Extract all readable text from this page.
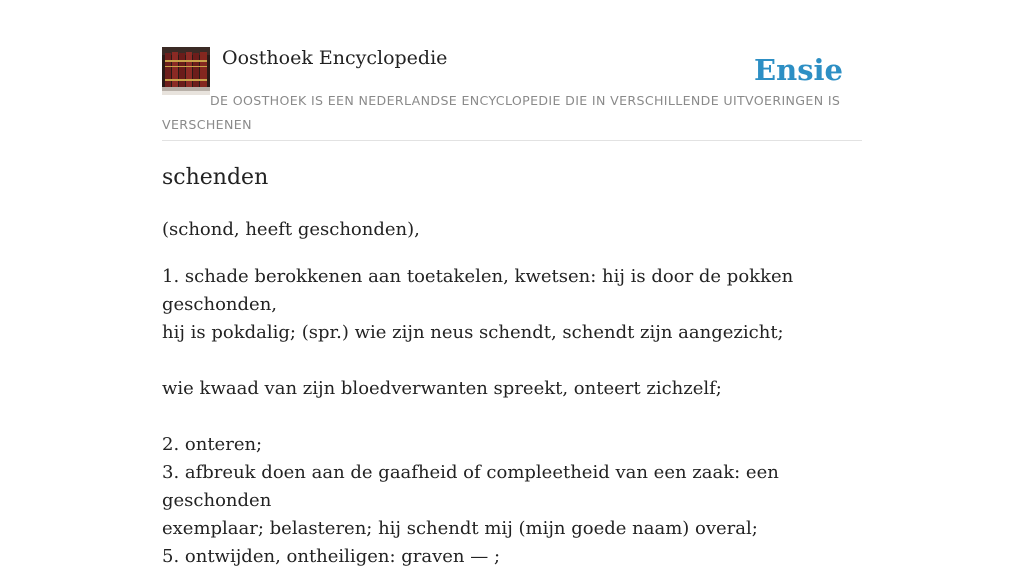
Oosthoek Encyclopedie	Ensie
DE OOSTHOEK IS EEN NEDERLANDSE ENCYCLOPEDIE DIE IN VERSCHILLENDE UITVOERINGEN IS VERSCHENEN
schenden
(schond, heeft geschonden),
1. schade berokkenen aan toetakelen, kwetsen: hij is door de pokken geschonden,
hij is pokdalig; (spr.) wie zijn neus schendt, schendt zijn aangezicht;

wie kwaad van zijn bloedverwanten spreekt, onteert zichzelf;

2. onteren;
3. afbreuk doen aan de gaafheid of compleetheid van een zaak: een geschonden
exemplaar; belasteren; hij schendt mij (mijn goede naam) overal;
5. ontwijden, ontheiligen: graven — ;
